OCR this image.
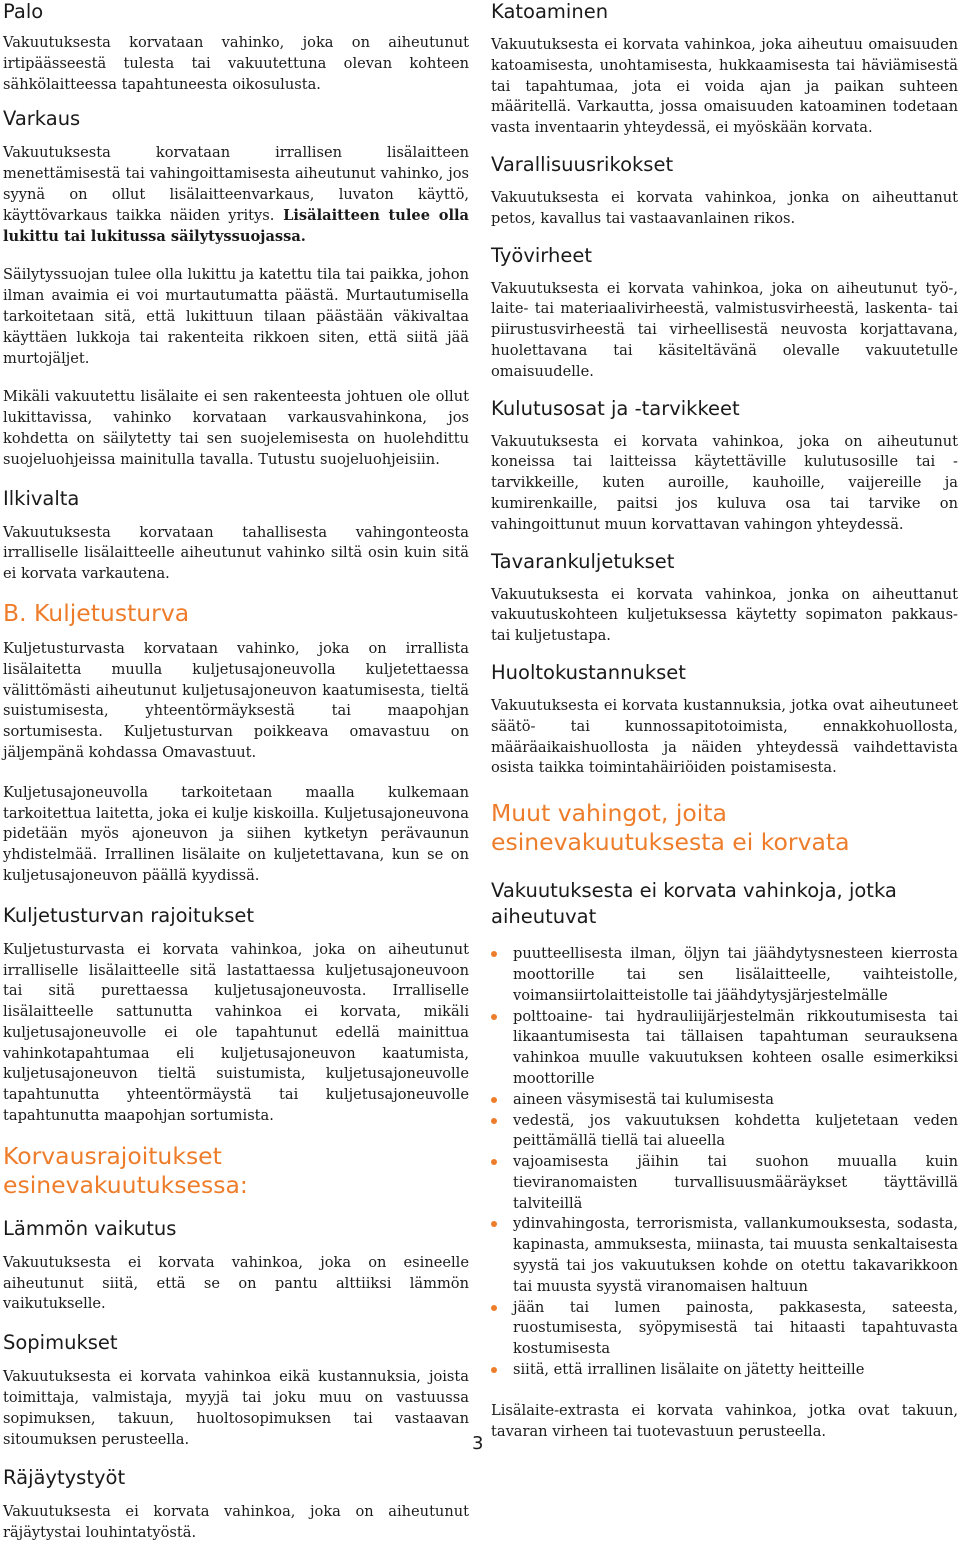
Palo

Vakuutuksesta korvataan vahinko, joka on aiheutunut irtipäässeestä tulesta tai vakuutettuna olevan kohteen sähkölaitteessa tapahtuneesta oikosulusta.

Varkaus

Vakuutuksesta korvataan irrallisen lisälaitteen menettämisestä tai vahingoittamisesta aiheutunut vahinko, jos syynä on ollut lisälaitteenvarkaus, luvaton käyttö, käyttövarkaus taikka näiden yritys. Lisälaitteen tulee olla lukittu tai lukitussa säilytyssuojassa.

Säilytyssuojan tulee olla lukittu ja katettu tila tai paikka, johon ilman avaimia ei voi murtautumatta päästä. Murtautumisella tarkoitetaan sitä, että lukittuun tilaan päästään väkivaltaa käyttäen lukkoja tai rakenteita rikkoen siten, että siitä jää murtojäljet.

Mikäli vakuutettu lisälaite ei sen rakenteesta johtuen ole ollut lukittavissa, vahinko korvataan varkausvahinkona, jos kohdetta on säilytetty tai sen suojelemisesta on huolehdittu suojeluohjeissa mainitulla tavalla. Tutustu suojeluohjeisiin.

Ilkivalta

Vakuutuksesta korvataan tahallisesta vahingonteosta irralliselle lisälaitteelle aiheutunut vahinko siltä osin kuin sitä ei korvata varkautena.

B. Kuljetusturva

Kuljetusturvasta korvataan vahinko, joka on irrallista lisälaitetta muulla kuljetusajoneuvolla kuljetettaessa välittömästi aiheutunut kuljetusajoneuvon kaatumisesta, tieltä suistumisesta, yhteentörmäyksestä tai maapohjan sortumisesta. Kuljetusturvan poikkeava omavastuu on jäljempänä kohdassa Omavastuut.

Kuljetusajoneuvolla tarkoitetaan maalla kulkemaan tarkoitettua laitetta, joka ei kulje kiskoilla. Kuljetusajoneuvona pidetään myös ajoneuvon ja siihen kytketyn perävaunun yhdistelmää. Irrallinen lisälaite on kuljetettavana, kun se on kuljetusajoneuvon päällä kyydissä.

Kuljetusturvan rajoitukset

Kuljetusturvasta ei korvata vahinkoa, joka on aiheutunut irralliselle lisälaitteelle sitä lastattaessa kuljetusajoneuvoon tai sitä purettaessa kuljetusajoneuvosta. Irralliselle lisälaitteelle sattunutta vahinkoa ei korvata, mikäli kuljetusajoneuvolle ei ole tapahtunut edellä mainittua vahinkotapahtumaa eli kuljetusajoneuvon kaatumista, kuljetusajoneuvon tieltä suistumista, kuljetusajoneuvolle tapahtunutta yhteentörmäystä tai kuljetusajoneuvolle tapahtunutta maapohjan sortumista.

Korvausrajoitukset esinevakuutuksessa:
Lämmön vaikutus

Vakuutuksesta ei korvata vahinkoa, joka on esineelle aiheutunut siitä, että se on pantu alttiiksi lämmön vaikutukselle.

Sopimukset

Vakuutuksesta ei korvata vahinkoa eikä kustannuksia, joista toimittaja, valmistaja, myyjä tai joku muu on vastuussa sopimuksen, takuun, huoltosopimuksen tai vastaavan sitoumuksen perusteella.

Räjäytystyöt

Vakuutuksesta ei korvata vahinkoa, joka on aiheutunut räjäytystai louhintatyöstä.

Katoaminen

Vakuutuksesta ei korvata vahinkoa, joka aiheutuu omaisuuden katoamisesta, unohtamisesta, hukkaamisesta tai häviämisestä tai tapahtumaa, jota ei voida ajan ja paikan suhteen määritellä. Varkautta, jossa omaisuuden katoaminen todetaan vasta inventaarin yhteydessä, ei myöskään korvata.

Varallisuusrikokset

Vakuutuksesta ei korvata vahinkoa, jonka on aiheuttanut petos, kavallus tai vastaavanlainen rikos.

Työvirheet

Vakuutuksesta ei korvata vahinkoa, joka on aiheutunut työ-, laite- tai materiaalivirheestä, valmistusvirheestä, laskenta- tai piirustusvirheestä tai virheellisestä neuvosta korjattavana, huolettavana tai käsiteltävänä olevalle vakuutetulle omaisuudelle.

Kulutusosat ja -tarvikkeet

Vakuutuksesta ei korvata vahinkoa, joka on aiheutunut koneissa tai laitteissa käytettäville kulutusosille tai -tarvikkeille, kuten auroille, kauhoille, vaijereille ja kumirenkaille, paitsi jos kuluva osa tai tarvike on vahingoittunut muun korvattavan vahingon yhteydessä.

Tavarankuljetukset

Vakuutuksesta ei korvata vahinkoa, jonka on aiheuttanut vakuutuskohteen kuljetuksessa käytetty sopimaton pakkaus- tai kuljetustapa.

Huoltokustannukset

Vakuutuksesta ei korvata kustannuksia, jotka ovat aiheutuneet säätö- tai kunnossapitotoimista, ennakkohuollosta, määräaikaishuollosta ja näiden yhteydessä vaihdettavista osista taikka toimintahäiriöiden poistamisesta.

Muut vahingot, joita esinevakuutuksesta ei korvata
Vakuutuksesta ei korvata vahinkoja, jotka aiheutuvat
puutteellisesta ilman, öljyn tai jäähdytysnesteen kierrosta moottorille tai sen lisälaitteelle, vaihteistolle, voimansiirtolaitteistolle tai jäähdytysjärjestelmälle
polttoaine- tai hydrauliijärjestelmän rikkoutumisesta tai likaantumisesta tai tällaisen tapahtuman seurauksena vahinkoa muulle vakuutuksen kohteen osalle esimerkiksi moottorille
aineen väsymisestä tai kulumisesta
vedestä, jos vakuutuksen kohdetta kuljetetaan veden peittämällä tiellä tai alueella
vajoamisesta jäihin tai suohon muualla kuin tieviranomaisten turvallisuusmääräykset täyttävillä talviteillä
ydinvahingosta, terrorismista, vallankumouksesta, sodasta, kapinasta, ammuksesta, miinasta, tai muusta senkaltaisesta syystä tai jos vakuutuksen kohde on otettu takavarikkoon tai muusta syystä viranomaisen haltuun
jään tai lumen painosta, pakkasesta, sateesta, ruostumisesta, syöpymisestä tai hitaasti tapahtuvasta kostumisesta
siitä, että irrallinen lisälaite on jätetty heitteille

Lisälaite-extrasta ei korvata vahinkoa, jotka ovat takuun, tavaran virheen tai tuotevastuun perusteella.

3
